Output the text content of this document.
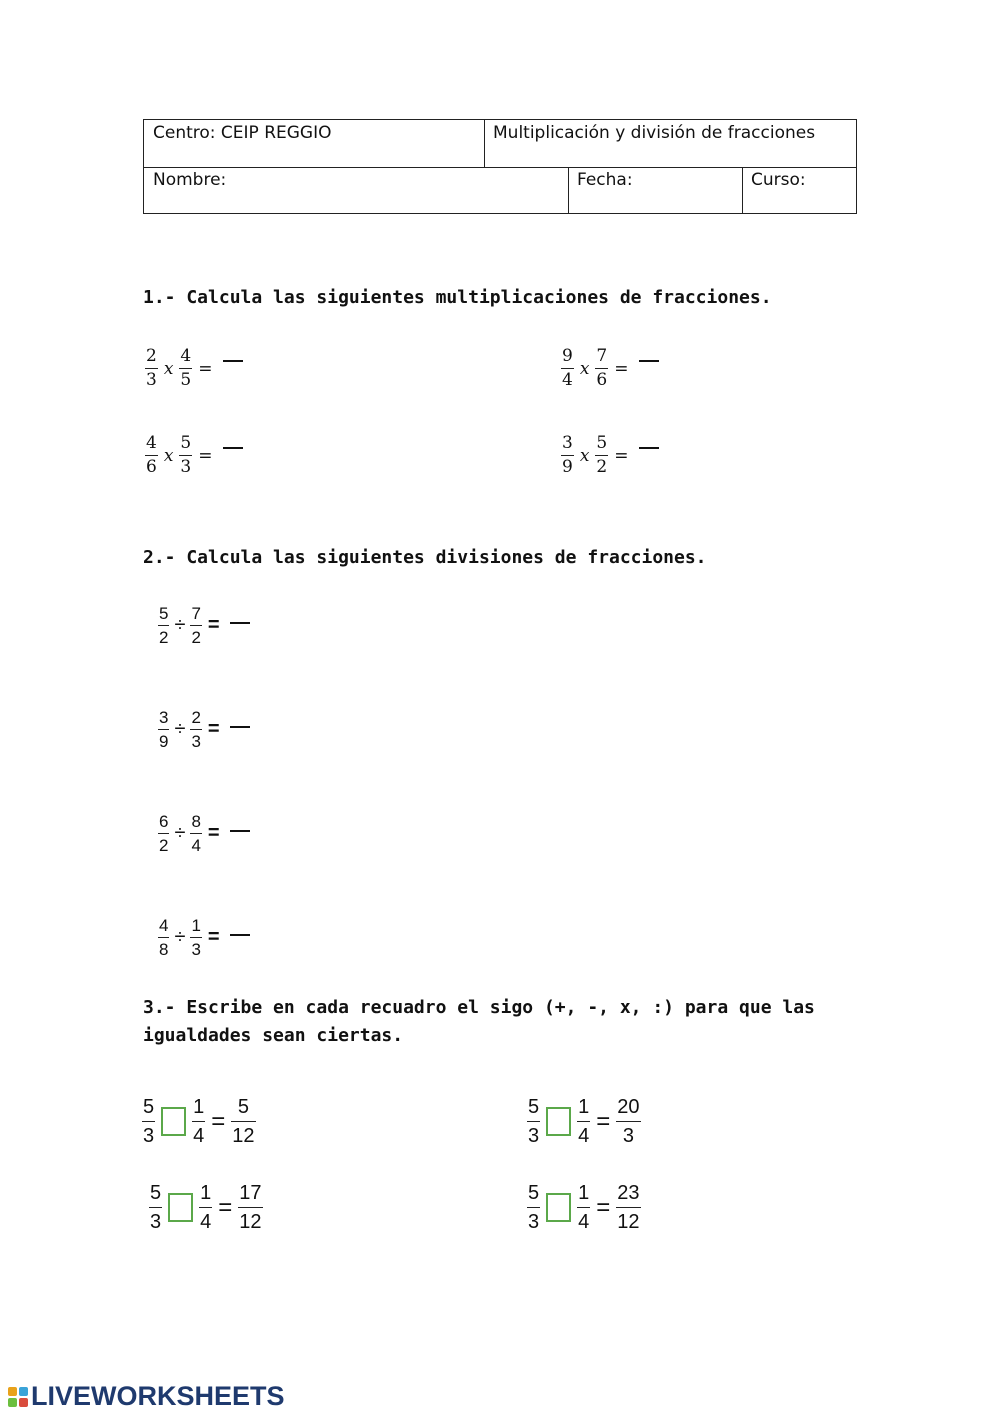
Centro: CEIP REGGIO	Multiplicación y división de fracciones
Nombre:	Fecha:	Curso:
1.- Calcula las siguientes multiplicaciones de fracciones.
$\frac{2}{3}$ x $\frac{4}{5}$ =	$\frac{9}{4}$ x $\frac{7}{6}$ =
$\frac{4}{6}$ x $\frac{5}{3}$ =	$\frac{3}{9}$ x $\frac{5}{2}$ =
2.- Calcula las siguientes divisiones de fracciones.
$\frac{5}{2} \div \frac{7}{2}$ =
$\frac{3}{9} \div \frac{2}{3}$ =
$\frac{6}{2} \div \frac{8}{4}$ =
$\frac{4}{8} \div \frac{1}{3}$ =
3.- Escribe en cada recuadro el sigo (+, -, x, :) para que las
igualdades sean ciertas.
$\frac{5}{3} \frac{1}{4} = \frac{5}{12}$	$\frac{5}{3} \frac{1}{4} = \frac{20}{3}$
$\frac{5}{3} \frac{1}{4} = \frac{17}{12}$	$\frac{5}{3} \frac{1}{4} = \frac{23}{12}$
LIVEWORKSHEETS
